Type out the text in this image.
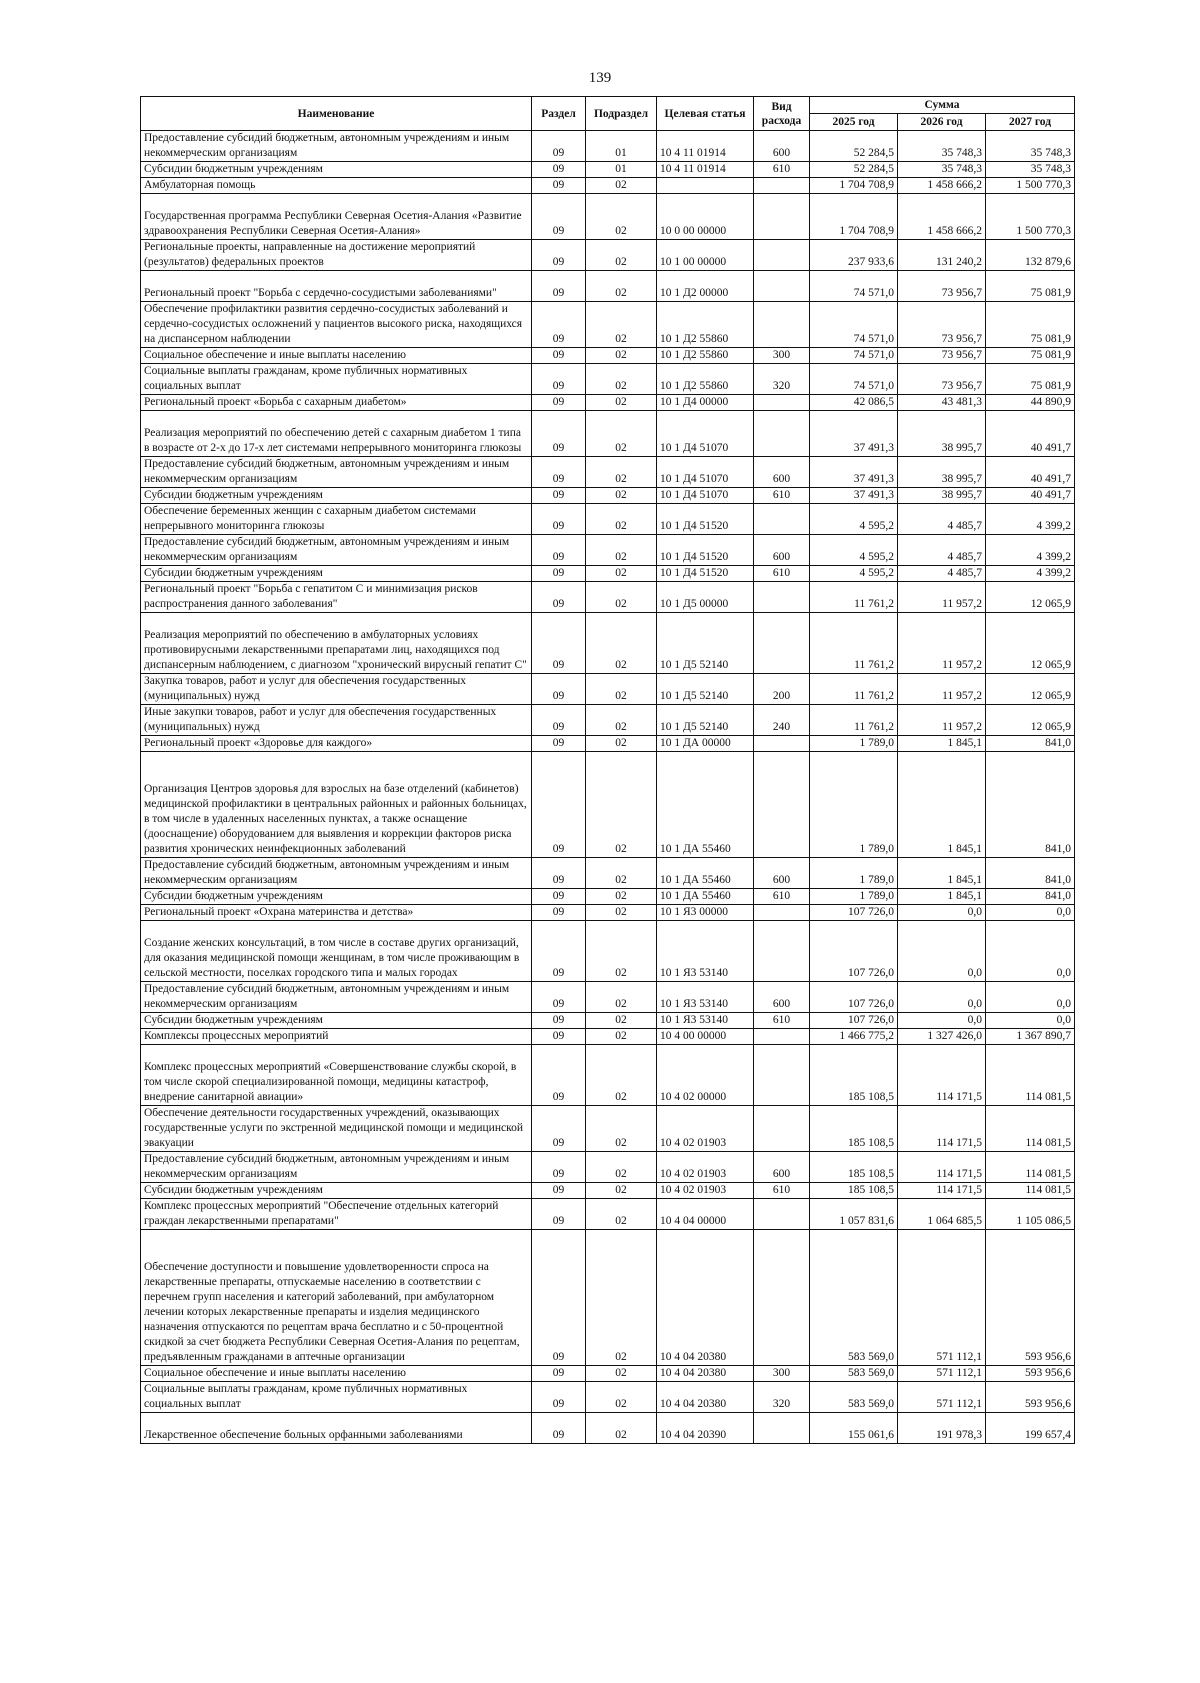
139
Наименование	Раздел	Подраздел	Целевая статья	Вид расхода	Сумма		
					2025 год	2026 год	2027 год
Предоставление субсидий бюджетным, автономным учреждениям и иным некоммерческим организациям	09	01	10 4 11 01914	600	52 284,5	35 748,3	35 748,3
Субсидии бюджетным учреждениям	09	01	10 4 11 01914	610	52 284,5	35 748,3	35 748,3
Амбулаторная помощь	09	02			1 704 708,9	1 458 666,2	1 500 770,3
Государственная программа Республики Северная Осетия-Алания «Развитие здравоохранения Республики Северная Осетия-Алания»	09	02	10 0 00 00000		1 704 708,9	1 458 666,2	1 500 770,3
Региональные проекты, направленные на достижение мероприятий (результатов) федеральных проектов	09	02	10 1 00 00000		237 933,6	131 240,2	132 879,6
Региональный проект "Борьба с сердечно-сосудистыми заболеваниями"	09	02	10 1 Д2 00000		74 571,0	73 956,7	75 081,9
Обеспечение профилактики развития сердечно-сосудистых заболеваний и сердечно-сосудистых осложнений у пациентов высокого риска, находящихся на диспансерном наблюдении	09	02	10 1 Д2 55860		74 571,0	73 956,7	75 081,9
Социальное обеспечение и иные выплаты населению	09	02	10 1 Д2 55860	300	74 571,0	73 956,7	75 081,9
Социальные выплаты гражданам, кроме публичных нормативных социальных выплат	09	02	10 1 Д2 55860	320	74 571,0	73 956,7	75 081,9
Региональный проект «Борьба с сахарным диабетом»	09	02	10 1 Д4 00000		42 086,5	43 481,3	44 890,9
Реализация мероприятий по обеспечению детей с сахарным диабетом 1 типа в возрасте от 2-х до 17-х лет системами непрерывного мониторинга глюкозы	09	02	10 1 Д4 51070		37 491,3	38 995,7	40 491,7
Предоставление субсидий бюджетным, автономным учреждениям и иным некоммерческим организациям	09	02	10 1 Д4 51070	600	37 491,3	38 995,7	40 491,7
Субсидии бюджетным учреждениям	09	02	10 1 Д4 51070	610	37 491,3	38 995,7	40 491,7
Обеспечение беременных женщин с сахарным диабетом системами непрерывного мониторинга глюкозы	09	02	10 1 Д4 51520		4 595,2	4 485,7	4 399,2
Предоставление субсидий бюджетным, автономным учреждениям и иным некоммерческим организациям	09	02	10 1 Д4 51520	600	4 595,2	4 485,7	4 399,2
Субсидии бюджетным учреждениям	09	02	10 1 Д4 51520	610	4 595,2	4 485,7	4 399,2
Региональный проект "Борьба с гепатитом С и минимизация рисков распространения данного заболевания"	09	02	10 1 Д5 00000		11 761,2	11 957,2	12 065,9
Реализация мероприятий по обеспечению в амбулаторных условиях противовирусными лекарственными препаратами лиц, находящихся под диспансерным наблюдением, с диагнозом "хронический вирусный гепатит С"	09	02	10 1 Д5 52140		11 761,2	11 957,2	12 065,9
Закупка товаров, работ и услуг для обеспечения государственных (муниципальных) нужд	09	02	10 1 Д5 52140	200	11 761,2	11 957,2	12 065,9
Иные закупки товаров, работ и услуг для обеспечения государственных (муниципальных) нужд	09	02	10 1 Д5 52140	240	11 761,2	11 957,2	12 065,9
Региональный проект «Здоровье для каждого»	09	02	10 1 ДА 00000		1 789,0	1 845,1	841,0
Организация Центров здоровья для взрослых на базе отделений (кабинетов) медицинской профилактики в центральных районных и районных больницах, в том числе в удаленных населенных пунктах, а также оснащение (дооснащение) оборудованием для выявления и коррекции факторов риска развития хронических неинфекционных заболеваний	09	02	10 1 ДА 55460		1 789,0	1 845,1	841,0
Предоставление субсидий бюджетным, автономным учреждениям и иным некоммерческим организациям	09	02	10 1 ДА 55460	600	1 789,0	1 845,1	841,0
Субсидии бюджетным учреждениям	09	02	10 1 ДА 55460	610	1 789,0	1 845,1	841,0
Региональный проект «Охрана материнства и детства»	09	02	10 1 Я3 00000		107 726,0	0,0	0,0
Создание женских консультаций, в том числе в составе других организаций, для оказания медицинской помощи женщинам, в том числе проживающим в сельской местности, поселках городского типа и малых городах	09	02	10 1 Я3 53140		107 726,0	0,0	0,0
Предоставление субсидий бюджетным, автономным учреждениям и иным некоммерческим организациям	09	02	10 1 Я3 53140	600	107 726,0	0,0	0,0
Субсидии бюджетным учреждениям	09	02	10 1 Я3 53140	610	107 726,0	0,0	0,0
Комплексы процессных мероприятий	09	02	10 4 00 00000		1 466 775,2	1 327 426,0	1 367 890,7
Комплекс процессных мероприятий «Совершенствование службы скорой, в том числе скорой специализированной помощи, медицины катастроф, внедрение санитарной авиации»	09	02	10 4 02 00000		185 108,5	114 171,5	114 081,5
Обеспечение деятельности государственных учреждений, оказывающих государственные услуги по экстренной медицинской помощи и медицинской эвакуации	09	02	10 4 02 01903		185 108,5	114 171,5	114 081,5
Предоставление субсидий бюджетным, автономным учреждениям и иным некоммерческим организациям	09	02	10 4 02 01903	600	185 108,5	114 171,5	114 081,5
Субсидии бюджетным учреждениям	09	02	10 4 02 01903	610	185 108,5	114 171,5	114 081,5
Комплекс процессных мероприятий "Обеспечение отдельных категорий граждан лекарственными препаратами"	09	02	10 4 04 00000		1 057 831,6	1 064 685,5	1 105 086,5
Обеспечение доступности и повышение удовлетворенности спроса на лекарственные препараты, отпускаемые населению в соответствии с перечнем групп населения и категорий заболеваний, при амбулаторном лечении которых лекарственные препараты и изделия медицинского назначения отпускаются по рецептам врача бесплатно и с 50-процентной скидкой за счет бюджета Республики Северная Осетия-Алания по рецептам, предъявленным гражданами в аптечные организации	09	02	10 4 04 20380		583 569,0	571 112,1	593 956,6
Социальное обеспечение и иные выплаты населению	09	02	10 4 04 20380	300	583 569,0	571 112,1	593 956,6
Социальные выплаты гражданам, кроме публичных нормативных социальных выплат	09	02	10 4 04 20380	320	583 569,0	571 112,1	593 956,6
Лекарственное обеспечение больных орфанными заболеваниями	09	02	10 4 04 20390		155 061,6	191 978,3	199 657,4
